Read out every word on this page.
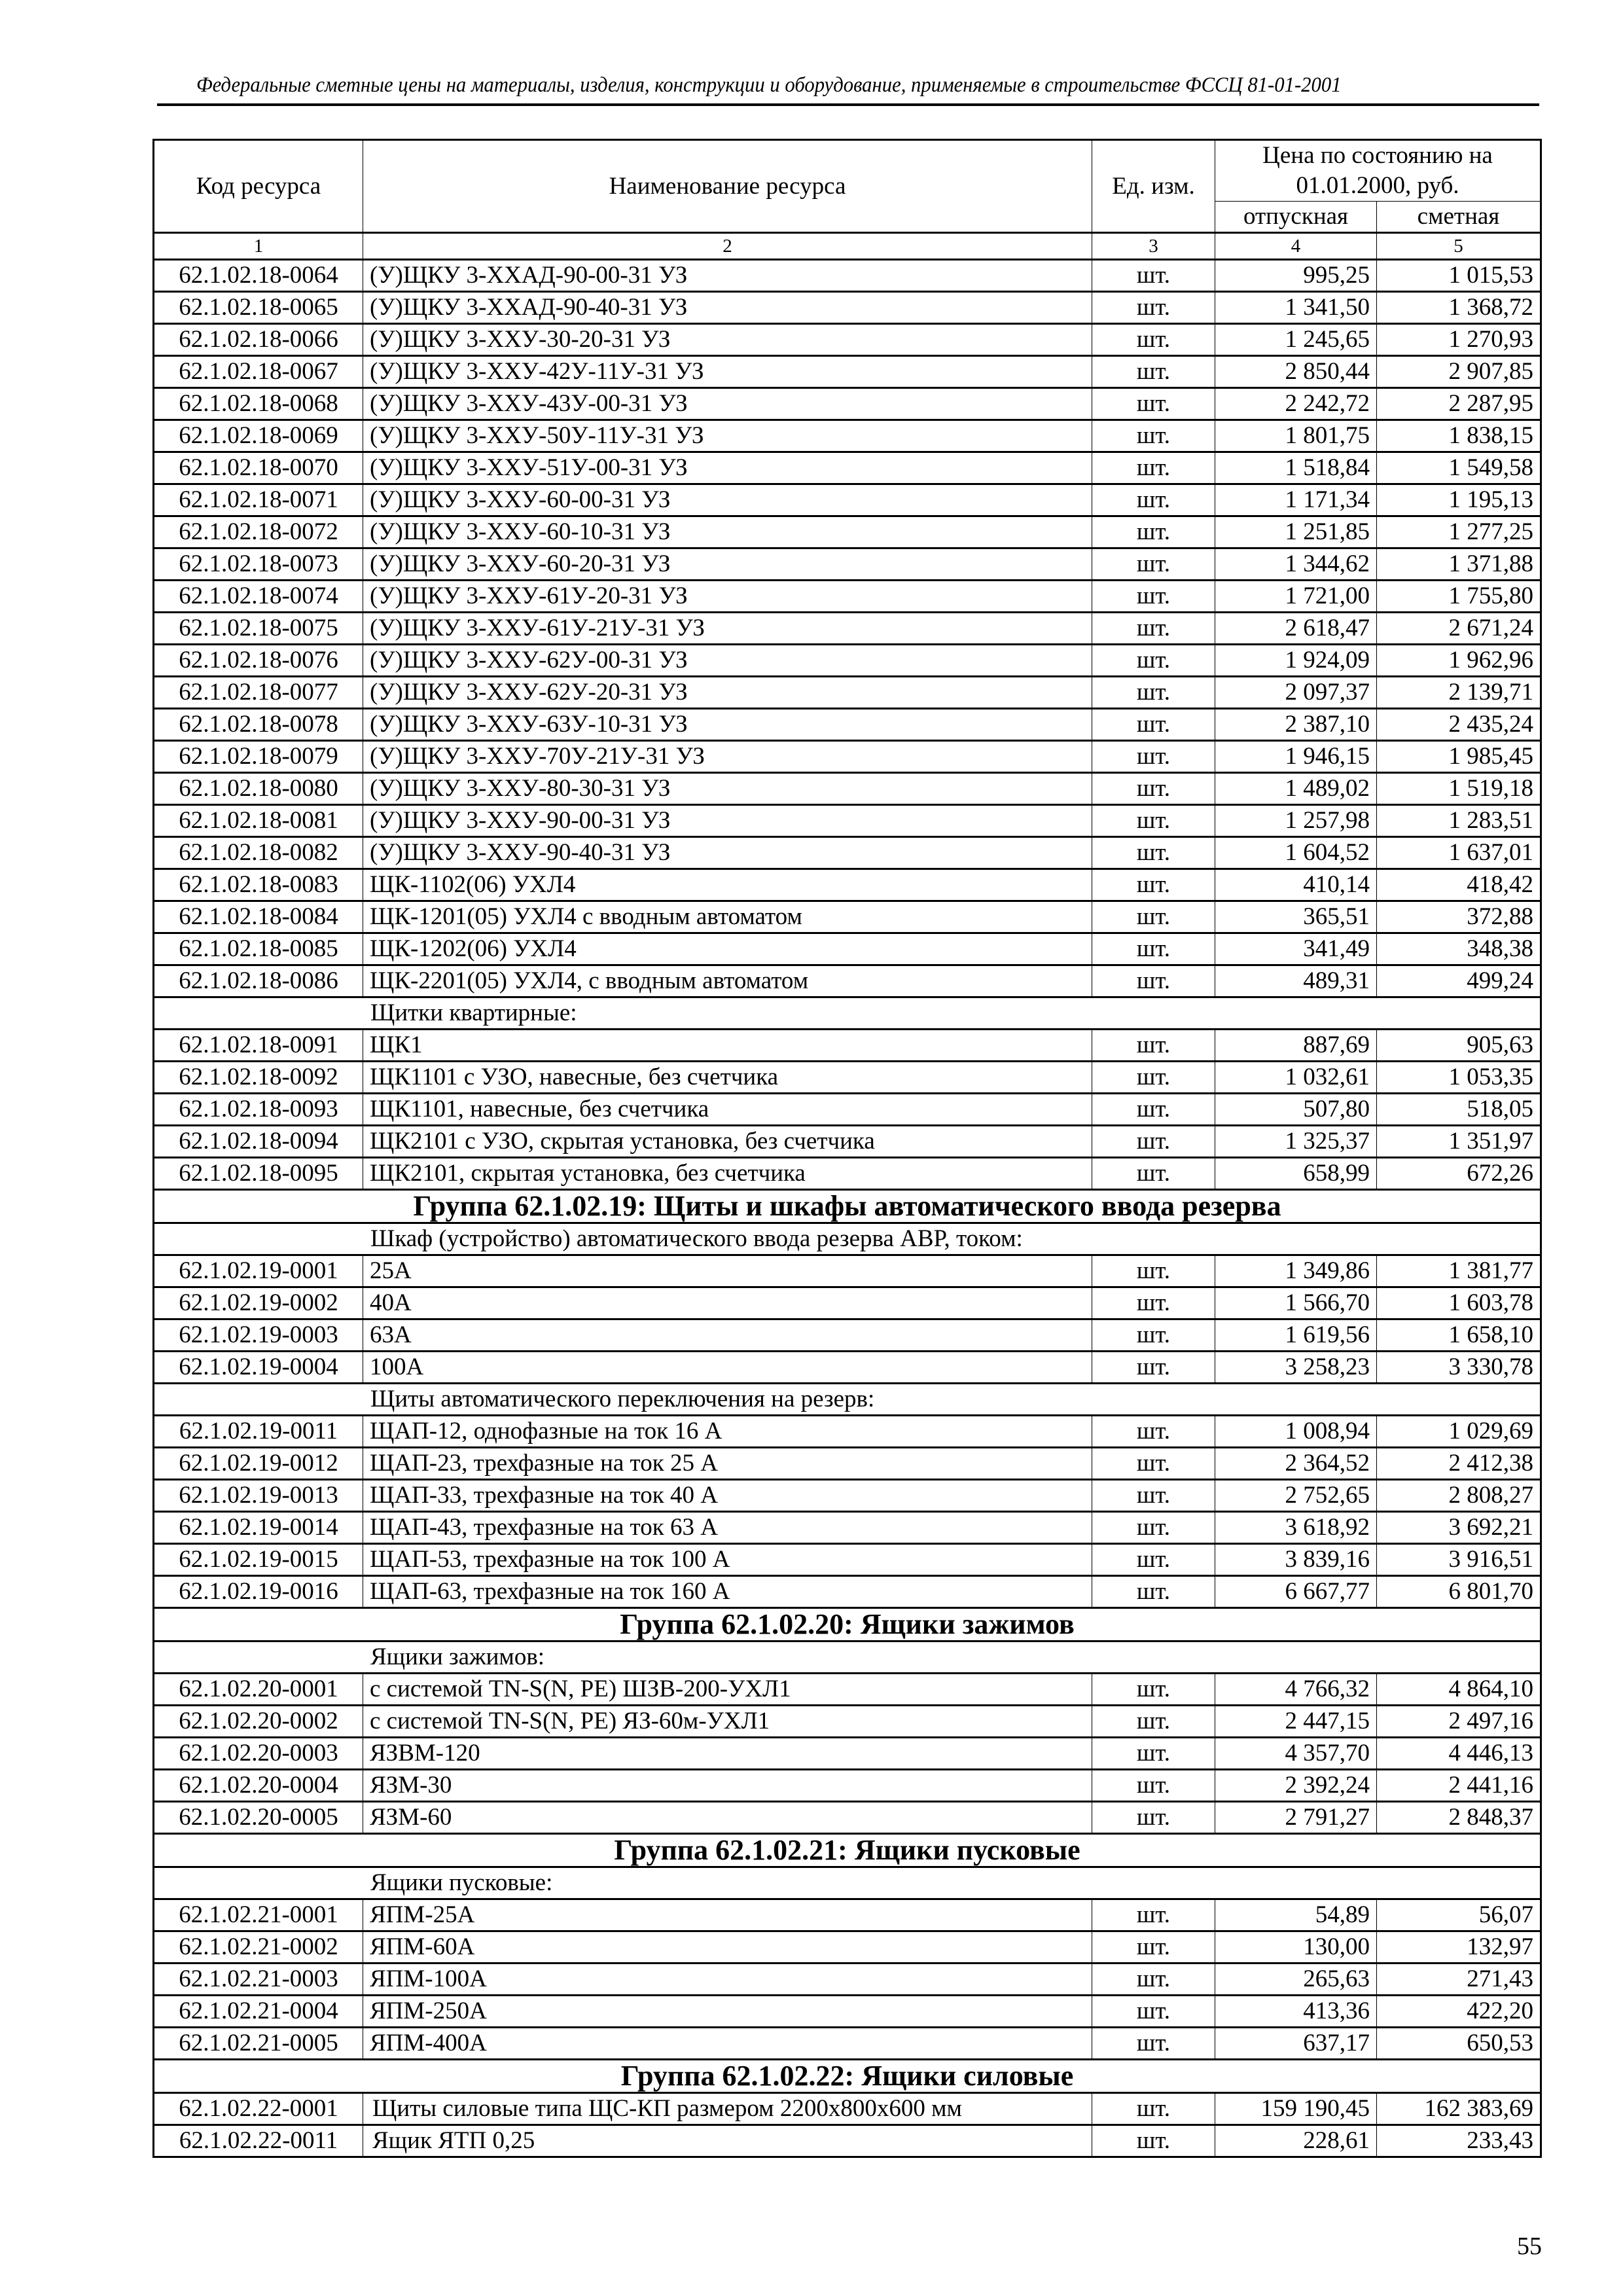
Федеральные сметные цены на материалы, изделия, конструкции и оборудование, применяемые в строительстве ФССЦ 81-01-2001
Код ресурса	Наименование ресурса	Ед. изм.	Цена по состоянию на 01.01.2000, руб.	
			отпускная	сметная
1	2	3	4	5
62.1.02.18-0064	(У)ЩКУ 3-ХХАД-90-00-31 УЗ	шт.	995,25	1 015,53
62.1.02.18-0065	(У)ЩКУ 3-ХХАД-90-40-31 УЗ	шт.	1 341,50	1 368,72
62.1.02.18-0066	(У)ЩКУ 3-ХХУ-30-20-31 УЗ	шт.	1 245,65	1 270,93
62.1.02.18-0067	(У)ЩКУ 3-ХХУ-42У-11У-31 УЗ	шт.	2 850,44	2 907,85
62.1.02.18-0068	(У)ЩКУ 3-ХХУ-43У-00-31 УЗ	шт.	2 242,72	2 287,95
62.1.02.18-0069	(У)ЩКУ 3-ХХУ-50У-11У-31 УЗ	шт.	1 801,75	1 838,15
62.1.02.18-0070	(У)ЩКУ 3-ХХУ-51У-00-31 УЗ	шт.	1 518,84	1 549,58
62.1.02.18-0071	(У)ЩКУ 3-ХХУ-60-00-31 УЗ	шт.	1 171,34	1 195,13
62.1.02.18-0072	(У)ЩКУ 3-ХХУ-60-10-31 УЗ	шт.	1 251,85	1 277,25
62.1.02.18-0073	(У)ЩКУ 3-ХХУ-60-20-31 УЗ	шт.	1 344,62	1 371,88
62.1.02.18-0074	(У)ЩКУ 3-ХХУ-61У-20-31 УЗ	шт.	1 721,00	1 755,80
62.1.02.18-0075	(У)ЩКУ 3-ХХУ-61У-21У-31 УЗ	шт.	2 618,47	2 671,24
62.1.02.18-0076	(У)ЩКУ 3-ХХУ-62У-00-31 УЗ	шт.	1 924,09	1 962,96
62.1.02.18-0077	(У)ЩКУ 3-ХХУ-62У-20-31 УЗ	шт.	2 097,37	2 139,71
62.1.02.18-0078	(У)ЩКУ 3-ХХУ-63У-10-31 УЗ	шт.	2 387,10	2 435,24
62.1.02.18-0079	(У)ЩКУ 3-ХХУ-70У-21У-31 УЗ	шт.	1 946,15	1 985,45
62.1.02.18-0080	(У)ЩКУ 3-ХХУ-80-30-31 УЗ	шт.	1 489,02	1 519,18
62.1.02.18-0081	(У)ЩКУ 3-ХХУ-90-00-31 УЗ	шт.	1 257,98	1 283,51
62.1.02.18-0082	(У)ЩКУ 3-ХХУ-90-40-31 УЗ	шт.	1 604,52	1 637,01
62.1.02.18-0083	ЩК-1102(06) УХЛ4	шт.	410,14	418,42
62.1.02.18-0084	ЩК-1201(05) УХЛ4 с вводным автоматом	шт.	365,51	372,88
62.1.02.18-0085	ЩК-1202(06) УХЛ4	шт.	341,49	348,38
62.1.02.18-0086	ЩК-2201(05) УХЛ4, с вводным автоматом	шт.	489,31	499,24
Щитки квартирные:				
62.1.02.18-0091	ЩК1	шт.	887,69	905,63
62.1.02.18-0092	ЩК1101 с УЗО, навесные, без счетчика	шт.	1 032,61	1 053,35
62.1.02.18-0093	ЩК1101, навесные, без счетчика	шт.	507,80	518,05
62.1.02.18-0094	ЩК2101 с УЗО, скрытая установка, без счетчика	шт.	1 325,37	1 351,97
62.1.02.18-0095	ЩК2101, скрытая установка, без счетчика	шт.	658,99	672,26
Группа 62.1.02.19: Щиты и шкафы автоматического ввода резерва				
Шкаф (устройство) автоматического ввода резерва АВР, током:				
62.1.02.19-0001	25А	шт.	1 349,86	1 381,77
62.1.02.19-0002	40А	шт.	1 566,70	1 603,78
62.1.02.19-0003	63А	шт.	1 619,56	1 658,10
62.1.02.19-0004	100А	шт.	3 258,23	3 330,78
Щиты автоматического переключения на резерв:				
62.1.02.19-0011	ЩАП-12, однофазные на ток 16 А	шт.	1 008,94	1 029,69
62.1.02.19-0012	ЩАП-23, трехфазные на ток 25 А	шт.	2 364,52	2 412,38
62.1.02.19-0013	ЩАП-33, трехфазные на ток 40 А	шт.	2 752,65	2 808,27
62.1.02.19-0014	ЩАП-43, трехфазные на ток 63 А	шт.	3 618,92	3 692,21
62.1.02.19-0015	ЩАП-53, трехфазные на ток 100 А	шт.	3 839,16	3 916,51
62.1.02.19-0016	ЩАП-63, трехфазные на ток 160 А	шт.	6 667,77	6 801,70
Группа 62.1.02.20: Ящики зажимов				
Ящики зажимов:				
62.1.02.20-0001	с системой TN-S(N, PE) ШЗВ-200-УХЛ1	шт.	4 766,32	4 864,10
62.1.02.20-0002	с системой TN-S(N, PE) ЯЗ-60м-УХЛ1	шт.	2 447,15	2 497,16
62.1.02.20-0003	ЯЗВМ-120	шт.	4 357,70	4 446,13
62.1.02.20-0004	ЯЗМ-30	шт.	2 392,24	2 441,16
62.1.02.20-0005	ЯЗМ-60	шт.	2 791,27	2 848,37
Группа 62.1.02.21: Ящики пусковые				
Ящики пусковые:				
62.1.02.21-0001	ЯПМ-25А	шт.	54,89	56,07
62.1.02.21-0002	ЯПМ-60А	шт.	130,00	132,97
62.1.02.21-0003	ЯПМ-100А	шт.	265,63	271,43
62.1.02.21-0004	ЯПМ-250А	шт.	413,36	422,20
62.1.02.21-0005	ЯПМ-400А	шт.	637,17	650,53
Группа 62.1.02.22: Ящики силовые				
62.1.02.22-0001	Щиты силовые типа ЩС-КП размером 2200х800х600 мм	шт.	159 190,45	162 383,69
62.1.02.22-0011	Ящик ЯТП 0,25	шт.	228,61	233,43
55
